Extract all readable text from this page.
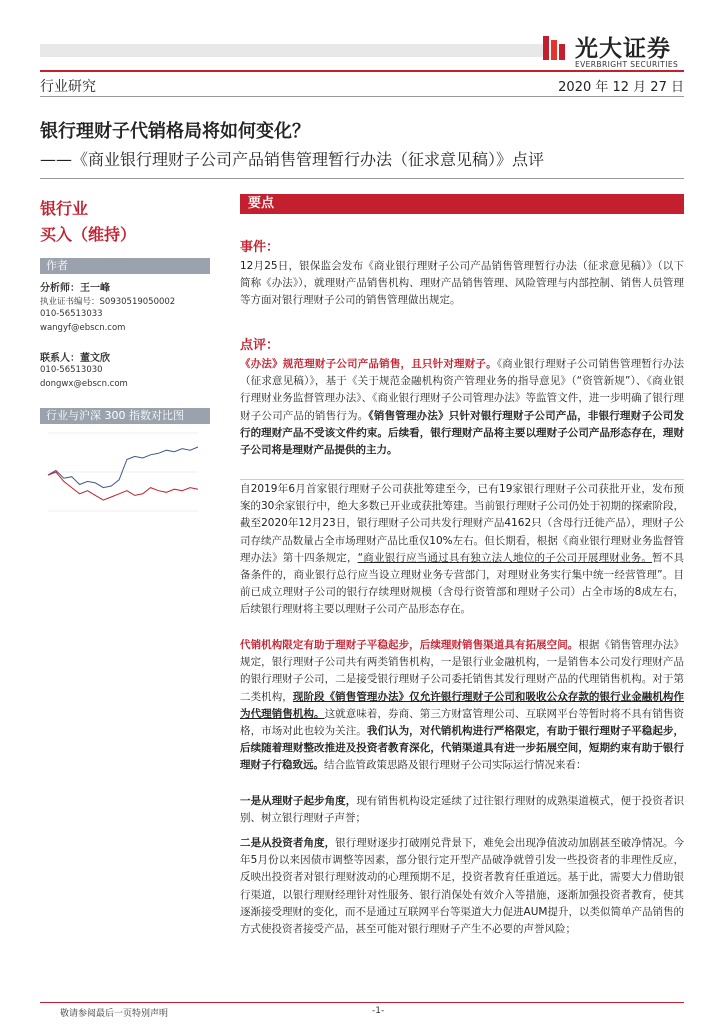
光大证券
EVERBRIGHT SECURITIES
行业研究	2020 年 12 月 27 日
银行理财子代销格局将如何变化？
——《商业银行理财子公司产品销售管理暂行办法（征求意见稿）》点评
银行业
买入（维持）
作者
分析师：王一峰
执业证书编号：S0930519050002
010-56513033
wangyf@ebscn.com
联系人：董文欣
010-56513030
dongwx@ebscn.com
行业与沪深 300 指数对比图
要点
事件：

12月25日，银保监会发布《商业银行理财子公司产品销售管理暂行办法（征求意见稿）》（以下简称《办法》），就理财产品销售机构、理财产品销售管理、风险管理与内部控制、销售人员管理等方面对银行理财子公司的销售管理做出规定。

点评：

《办法》规范理财子公司产品销售，且只针对理财子。《商业银行理财子公司销售管理暂行办法（征求意见稿）》，基于《关于规范金融机构资产管理业务的指导意见》（“资管新规”）、《商业银行理财业务监督管理办法》、《商业银行理财子公司管理办法》等监管文件，进一步明确了银行理财子公司产品的销售行为。《销售管理办法》只针对银行理财子公司产品，非银行理财子公司发行的理财产品不受该文件约束。后续看，银行理财产品将主要以理财子公司产品形态存在，理财子公司将是理财产品提供的主力。

自2019年6月首家银行理财子公司获批筹建至今，已有19家银行理财子公司获批开业，发布预案的30余家银行中，绝大多数已开业或获批筹建。当前银行理财子公司仍处于初期的探索阶段，截至2020年12月23日，银行理财子公司共发行理财产品4162只（含母行迁徙产品），理财子公司存续产品数量占全市场理财产品比重仅10%左右。但长期看，根据《商业银行理财业务监督管理办法》第十四条规定，“商业银行应当通过具有独立法人地位的子公司开展理财业务。暂不具备条件的，商业银行总行应当设立理财业务专营部门，对理财业务实行集中统一经营管理”。目前已成立理财子公司的银行存续理财规模（含母行资管部和理财子公司）占全市场的8成左右，后续银行理财将主要以理财子公司产品形态存在。

代销机构限定有助于理财子平稳起步，后续理财销售渠道具有拓展空间。根据《销售管理办法》规定，银行理财子公司共有两类销售机构，一是银行业金融机构，一是销售本公司发行理财产品的银行理财子公司，二是接受银行理财子公司委托销售其发行理财产品的代理销售机构。对于第二类机构，现阶段《销售管理办法》仅允许银行理财子公司和吸收公众存款的银行业金融机构作为代理销售机构。这就意味着，券商、第三方财富管理公司、互联网平台等暂时将不具有销售资格，市场对此也较为关注。我们认为，对代销机构进行严格限定，有助于银行理财子平稳起步，后续随着理财整改推进及投资者教育深化，代销渠道具有进一步拓展空间，短期约束有助于银行理财子行稳致远。结合监管政策思路及银行理财子公司实际运行情况来看：

一是从理财子起步角度，现有销售机构设定延续了过往银行理财的成熟渠道模式，便于投资者识别、树立银行理财子声誉；

二是从投资者角度，银行理财逐步打破刚兑背景下，难免会出现净值波动加剧甚至破净情况。今年5月份以来因债市调整等因素，部分银行定开型产品破净就曾引发一些投资者的非理性反应，反映出投资者对银行理财波动的心理预期不足，投资者教育任重道远。基于此，需要大力借助银行渠道，以银行理财经理针对性服务、银行消保处有效介入等措施，逐渐加强投资者教育，使其逐渐接受理财的变化，而不是通过互联网平台等渠道大力促进AUM提升，以类似简单产品销售的方式使投资者接受产品，甚至可能对银行理财子产生不必要的声誉风险；

敬请参阅最后一页特别声明	-1-
